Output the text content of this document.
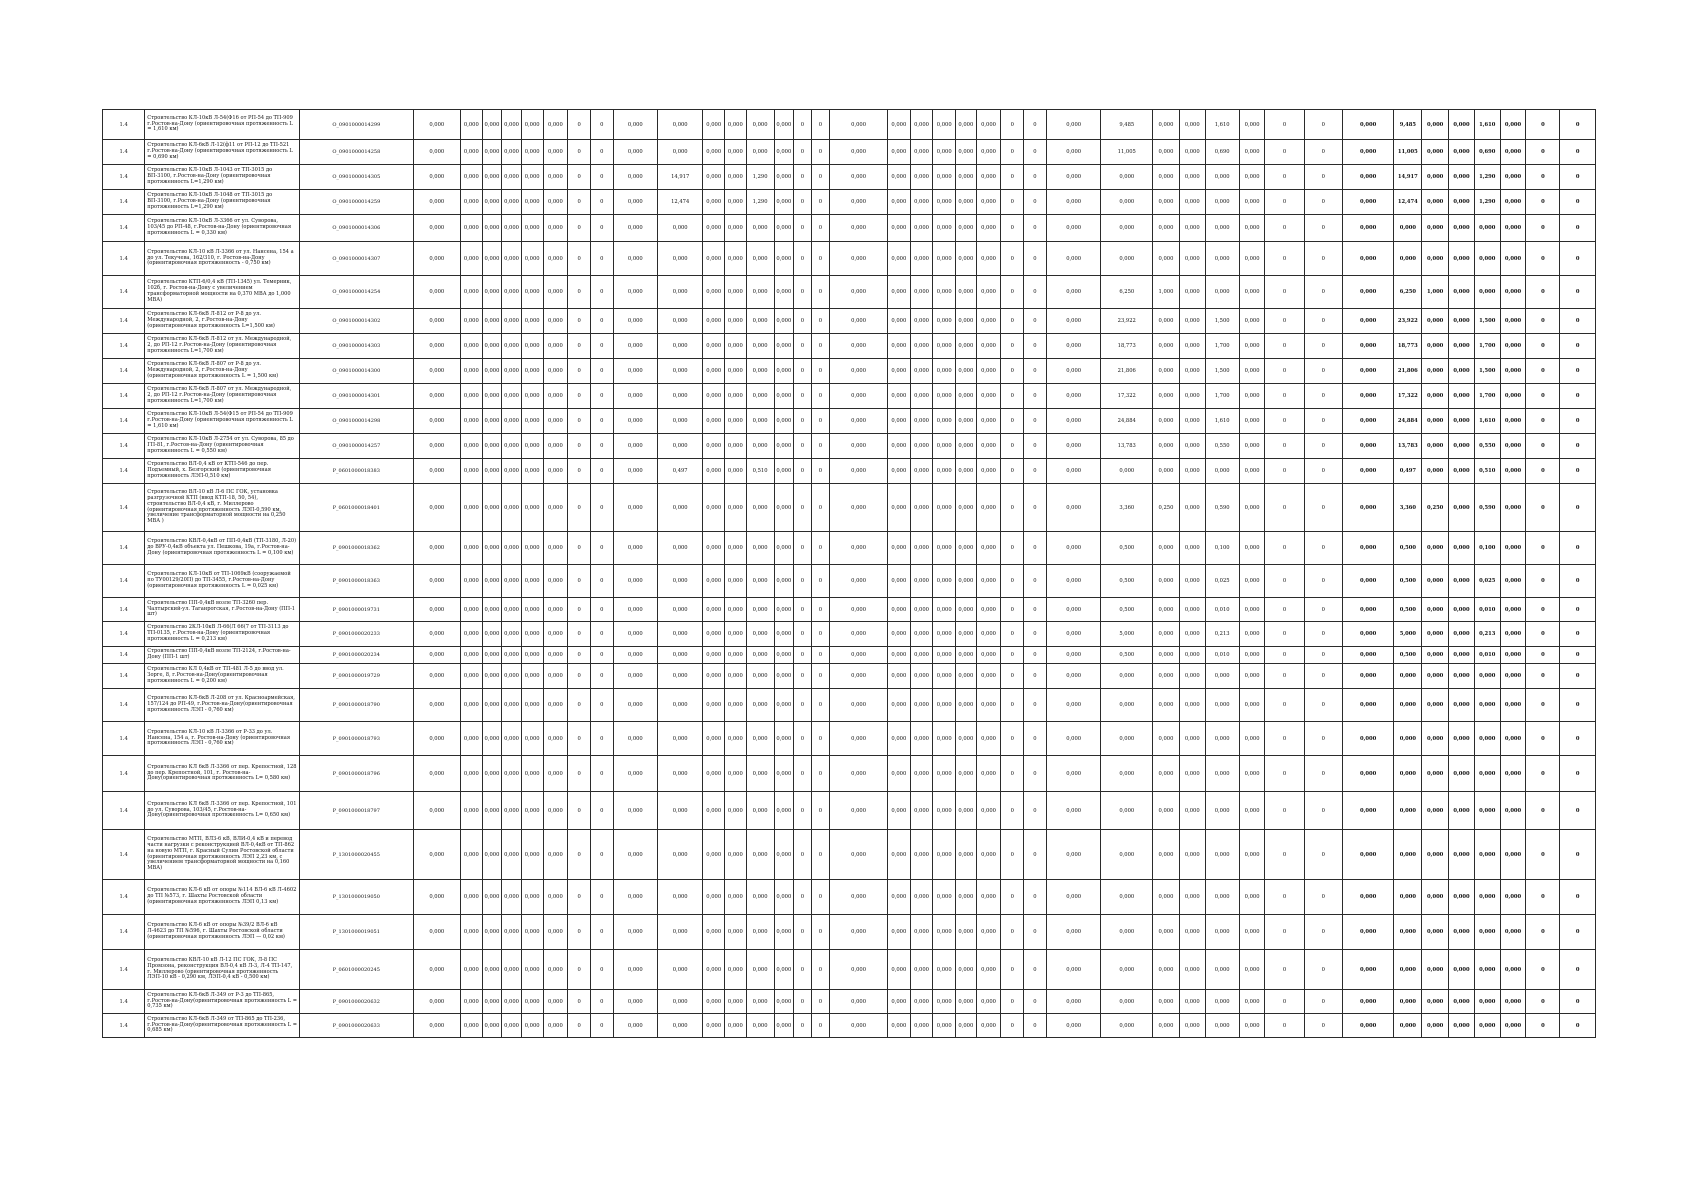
1.4	Строительство КЛ-10кВ Л-54(Ф16 от РП-54 до ТП-909 г.Ростов-на-Дону (ориентировочная протяженность L = 1,610 км)	O_0901000014299	0,000	0,000	0,000	0,000	0,000	0,000	0	0	0,000	0,000	0,000	0,000	0,000	0,000	0	0	0,000	0,000	0,000	0,000	0,000	0,000	0	0	0,000	9,485	0,000	0,000	1,610	0,000	0	0	0,000	9,485	0,000	0,000	1,610	0,000	0	0
1.4	Строительство КЛ-6кВ Л-12(ф11 от РП-12 до ТП-521 г.Ростов-на-Дону (ориентировочная протяженность L = 0,690 км)	O_0901000014258	0,000	0,000	0,000	0,000	0,000	0,000	0	0	0,000	0,000	0,000	0,000	0,000	0,000	0	0	0,000	0,000	0,000	0,000	0,000	0,000	0	0	0,000	11,005	0,000	0,000	0,690	0,000	0	0	0,000	11,005	0,000	0,000	0,690	0,000	0	0
1.4	Строительство КЛ-10кВ Л-1043 от ТП-3015 до ВП-3100, г.Ростов-на-Дону (ориентировочная протяженность L=1,290 км)	O_0901000014305	0,000	0,000	0,000	0,000	0,000	0,000	0	0	0,000	14,917	0,000	0,000	1,290	0,000	0	0	0,000	0,000	0,000	0,000	0,000	0,000	0	0	0,000	0,000	0,000	0,000	0,000	0,000	0	0	0,000	14,917	0,000	0,000	1,290	0,000	0	0
1.4	Строительство КЛ-10кВ Л-1048 от ТП-3015 до ВП-3100, г.Ростов-на-Дону (ориентировочная протяженность L=1,290 км)	O_0901000014259	0,000	0,000	0,000	0,000	0,000	0,000	0	0	0,000	12,474	0,000	0,000	1,290	0,000	0	0	0,000	0,000	0,000	0,000	0,000	0,000	0	0	0,000	0,000	0,000	0,000	0,000	0,000	0	0	0,000	12,474	0,000	0,000	1,290	0,000	0	0
1.4	Строительство КЛ-10кВ Л-3366 от ул. Суворова, 103/45 до РП-48, г.Ростов-на-Дону (ориентировочная протяженность L = 0,330 км)	O_0901000014306	0,000	0,000	0,000	0,000	0,000	0,000	0	0	0,000	0,000	0,000	0,000	0,000	0,000	0	0	0,000	0,000	0,000	0,000	0,000	0,000	0	0	0,000	0,000	0,000	0,000	0,000	0,000	0	0	0,000	0,000	0,000	0,000	0,000	0,000	0	0
1.4	Строительство КЛ-10 кВ Л-3366 от ул. Нансена, 154 а до ул. Текучева, 162/310, г. Ростов-на-Дону (ориентировочная протяженность - 0,750 км)	O_0901000014307	0,000	0,000	0,000	0,000	0,000	0,000	0	0	0,000	0,000	0,000	0,000	0,000	0,000	0	0	0,000	0,000	0,000	0,000	0,000	0,000	0	0	0,000	0,000	0,000	0,000	0,000	0,000	0	0	0,000	0,000	0,000	0,000	0,000	0,000	0	0
1.4	Строительство КТП-6/0,4 кВ (ТП-1345) ул. Темерник, 102б, г. Ростов-на-Дону с увеличением трансформаторной мощности на 0,370 МВА до 1,000 МВА)	O_0901000014254	0,000	0,000	0,000	0,000	0,000	0,000	0	0	0,000	0,000	0,000	0,000	0,000	0,000	0	0	0,000	0,000	0,000	0,000	0,000	0,000	0	0	0,000	6,250	1,000	0,000	0,000	0,000	0	0	0,000	6,250	1,000	0,000	0,000	0,000	0	0
1.4	Строительство КЛ-6кВ Л-812 от Р-8 до ул. Международной, 2, г.Ростов-на-Дону (ориентировочная протяженность L=1,500 км)	O_0901000014302	0,000	0,000	0,000	0,000	0,000	0,000	0	0	0,000	0,000	0,000	0,000	0,000	0,000	0	0	0,000	0,000	0,000	0,000	0,000	0,000	0	0	0,000	23,922	0,000	0,000	1,500	0,000	0	0	0,000	23,922	0,000	0,000	1,500	0,000	0	0
1.4	Строительство КЛ-6кВ Л-812 от ул. Международной, 2, до РП-12 г.Ростов-на-Дону (ориентировочная протяженность L=1,700 км)	O_0901000014303	0,000	0,000	0,000	0,000	0,000	0,000	0	0	0,000	0,000	0,000	0,000	0,000	0,000	0	0	0,000	0,000	0,000	0,000	0,000	0,000	0	0	0,000	18,773	0,000	0,000	1,700	0,000	0	0	0,000	18,773	0,000	0,000	1,700	0,000	0	0
1.4	Строительство КЛ-6кВ Л-807 от Р-8 до ул. Международной, 2, г.Ростов-на-Дону (ориентировочная протяженность L = 1,500 км)	O_0901000014300	0,000	0,000	0,000	0,000	0,000	0,000	0	0	0,000	0,000	0,000	0,000	0,000	0,000	0	0	0,000	0,000	0,000	0,000	0,000	0,000	0	0	0,000	21,806	0,000	0,000	1,500	0,000	0	0	0,000	21,806	0,000	0,000	1,500	0,000	0	0
1.4	Строительство КЛ-6кВ Л-807 от ул. Международной, 2, до РП-12 г.Ростов-на-Дону (ориентировочная протяженность L=1,700 км)	O_0901000014301	0,000	0,000	0,000	0,000	0,000	0,000	0	0	0,000	0,000	0,000	0,000	0,000	0,000	0	0	0,000	0,000	0,000	0,000	0,000	0,000	0	0	0,000	17,322	0,000	0,000	1,700	0,000	0	0	0,000	17,322	0,000	0,000	1,700	0,000	0	0
1.4	Строительство КЛ-10кВ Л-54(Ф15 от РП-54 до ТП-909 г.Ростов-на-Дону (ориентировочная протяженность L = 1,610 км)	O_0901000014298	0,000	0,000	0,000	0,000	0,000	0,000	0	0	0,000	0,000	0,000	0,000	0,000	0,000	0	0	0,000	0,000	0,000	0,000	0,000	0,000	0	0	0,000	24,884	0,000	0,000	1,610	0,000	0	0	0,000	24,884	0,000	0,000	1,610	0,000	0	0
1.4	Строительство КЛ-10кВ Л-2754 от ул. Суворова, 85 до ГП-81, г.Ростов-на-Дону (ориентировочная протяженность L = 0,550 км)	O_0901000014257	0,000	0,000	0,000	0,000	0,000	0,000	0	0	0,000	0,000	0,000	0,000	0,000	0,000	0	0	0,000	0,000	0,000	0,000	0,000	0,000	0	0	0,000	13,783	0,000	0,000	0,550	0,000	0	0	0,000	13,783	0,000	0,000	0,550	0,000	0	0
1.4	Строительство ВЛ-0,4 кВ от КТП-546 до пер. Подъемный, х. Безгорский (ориентировочная протяженность ЛЭП-0,510 км)	P_0601000018383	0,000	0,000	0,000	0,000	0,000	0,000	0	0	0,000	0,497	0,000	0,000	0,510	0,000	0	0	0,000	0,000	0,000	0,000	0,000	0,000	0	0	0,000	0,000	0,000	0,000	0,000	0,000	0	0	0,000	0,497	0,000	0,000	0,510	0,000	0	0
1.4	Строительство ВЛ-10 кВ Л-6 ПС ГОК, установка разгрузочной КТП (ввод КТП-18, 50, 54), строительство ВЛ-0,4 кВ, г. Миллерово (ориентировочная протяженность ЛЭП-0,590 км, увеличение трансформаторной мощности на 0,250 МВА )	P_0601000018401	0,000	0,000	0,000	0,000	0,000	0,000	0	0	0,000	0,000	0,000	0,000	0,000	0,000	0	0	0,000	0,000	0,000	0,000	0,000	0,000	0	0	0,000	3,360	0,250	0,000	0,590	0,000	0	0	0,000	3,360	0,250	0,000	0,590	0,000	0	0
1.4	Строительство КВЛ-0,4кВ от ПП-0,4кВ (ТП-3180, Л-20) до ВРУ-0,4кВ объекта ул. Пешкова, 19а, г.Ростов-на-Дону (ориентировочная протяженность L = 0,100 км)	P_0901000018362	0,000	0,000	0,000	0,000	0,000	0,000	0	0	0,000	0,000	0,000	0,000	0,000	0,000	0	0	0,000	0,000	0,000	0,000	0,000	0,000	0	0	0,000	0,500	0,000	0,000	0,100	0,000	0	0	0,000	0,500	0,000	0,000	0,100	0,000	0	0
1.4	Строительство КЛ-10кВ от ТП-1069кВ (сооружаемой по ТУ00129/20П) до ТП-3455, г.Ростов-на-Дону (ориентировочная протяженность L = 0,025 км)	P_0901000018363	0,000	0,000	0,000	0,000	0,000	0,000	0	0	0,000	0,000	0,000	0,000	0,000	0,000	0	0	0,000	0,000	0,000	0,000	0,000	0,000	0	0	0,000	0,500	0,000	0,000	0,025	0,000	0	0	0,000	0,500	0,000	0,000	0,025	0,000	0	0
1.4	Строительство ПП-0,4кВ возле ТП-3260 пер. Чалтырский-ул. Таганрогская, г.Ростов-на-Дону (ПП-1 шт)	P_0901000019731	0,000	0,000	0,000	0,000	0,000	0,000	0	0	0,000	0,000	0,000	0,000	0,000	0,000	0	0	0,000	0,000	0,000	0,000	0,000	0,000	0	0	0,000	0,500	0,000	0,000	0,010	0,000	0	0	0,000	0,500	0,000	0,000	0,010	0,000	0	0
1.4	Строительство 2КЛ-10кВ Л-66(Л 66(7 от ТП-3113 до ТП-0135, г.Ростов-на-Дону (ориентировочная протяженность L = 0,213 км)	P_0901000020233	0,000	0,000	0,000	0,000	0,000	0,000	0	0	0,000	0,000	0,000	0,000	0,000	0,000	0	0	0,000	0,000	0,000	0,000	0,000	0,000	0	0	0,000	5,000	0,000	0,000	0,213	0,000	0	0	0,000	5,000	0,000	0,000	0,213	0,000	0	0
1.4	Строительство ПП-0,4кВ возле ТП-2124, г.Ростов-на-Дону (ПП-1 шт)	P_0901000020234	0,000	0,000	0,000	0,000	0,000	0,000	0	0	0,000	0,000	0,000	0,000	0,000	0,000	0	0	0,000	0,000	0,000	0,000	0,000	0,000	0	0	0,000	0,500	0,000	0,000	0,010	0,000	0	0	0,000	0,500	0,000	0,000	0,010	0,000	0	0
1.4	Строительство КЛ 0,4кВ от ТП-481 Л-5 до ввод ул. Зорге, 8, г.Ростов-на-Дону(ориентировочная протяженность L = 0,200 км)	P_0901000019729	0,000	0,000	0,000	0,000	0,000	0,000	0	0	0,000	0,000	0,000	0,000	0,000	0,000	0	0	0,000	0,000	0,000	0,000	0,000	0,000	0	0	0,000	0,000	0,000	0,000	0,000	0,000	0	0	0,000	0,000	0,000	0,000	0,000	0,000	0	0
1.4	Строительство КЛ-6кВ Л-208 от ул. Красноармейская, 157/124 до РП-49, г.Ростов-на-Дону(ориентировочная протяженность ЛЭП - 0,760 км)	P_0901000018790	0,000	0,000	0,000	0,000	0,000	0,000	0	0	0,000	0,000	0,000	0,000	0,000	0,000	0	0	0,000	0,000	0,000	0,000	0,000	0,000	0	0	0,000	0,000	0,000	0,000	0,000	0,000	0	0	0,000	0,000	0,000	0,000	0,000	0,000	0	0
1.4	Строительство КЛ-10 кВ Л-3366 от Р-33 до ул. Нансена, 154 а, г. Ростов-на-Дону (ориентировочная протяженность ЛЭП - 0,760 км)	P_0901000018793	0,000	0,000	0,000	0,000	0,000	0,000	0	0	0,000	0,000	0,000	0,000	0,000	0,000	0	0	0,000	0,000	0,000	0,000	0,000	0,000	0	0	0,000	0,000	0,000	0,000	0,000	0,000	0	0	0,000	0,000	0,000	0,000	0,000	0,000	0	0
1.4	Строительство КЛ 6кВ Л-3366 от пер. Крепостной, 128 до пер. Крепостной, 101, г. Ростов-на-Дону(ориентировочная протяженность L= 0,580 км)	P_0901000018796	0,000	0,000	0,000	0,000	0,000	0,000	0	0	0,000	0,000	0,000	0,000	0,000	0,000	0	0	0,000	0,000	0,000	0,000	0,000	0,000	0	0	0,000	0,000	0,000	0,000	0,000	0,000	0	0	0,000	0,000	0,000	0,000	0,000	0,000	0	0
1.4	Строительство КЛ 6кВ Л-3366 от пер. Крепостной, 101 до ул. Суворова, 103/45, г.Ростов-на-Дону(ориентировочная протяженность L= 0,650 км)	P_0901000018797	0,000	0,000	0,000	0,000	0,000	0,000	0	0	0,000	0,000	0,000	0,000	0,000	0,000	0	0	0,000	0,000	0,000	0,000	0,000	0,000	0	0	0,000	0,000	0,000	0,000	0,000	0,000	0	0	0,000	0,000	0,000	0,000	0,000	0,000	0	0
1.4	Строительство МТП, ВЛЗ-6 кВ, ВЛИ-0,4 кВ и перевод части нагрузки с реконструкцией ВЛ-0,4кВ от ТП-862 на новую МТП, г. Красный Сулин Ростовской области (ориентировочная протяженность ЛЭП 2,23 км, с увеличением трансформаторной мощности на 0,160 МВА)	P_1301000020455	0,000	0,000	0,000	0,000	0,000	0,000	0	0	0,000	0,000	0,000	0,000	0,000	0,000	0	0	0,000	0,000	0,000	0,000	0,000	0,000	0	0	0,000	0,000	0,000	0,000	0,000	0,000	0	0	0,000	0,000	0,000	0,000	0,000	0,000	0	0
1.4	Строительство КЛ-6 кВ от опоры №114 ВЛ-6 кВ Л-4602 до ТП №573, г. Шахты Ростовской области (ориентировочная протяженность ЛЭП 0,13 км)	P_1301000019050	0,000	0,000	0,000	0,000	0,000	0,000	0	0	0,000	0,000	0,000	0,000	0,000	0,000	0	0	0,000	0,000	0,000	0,000	0,000	0,000	0	0	0,000	0,000	0,000	0,000	0,000	0,000	0	0	0,000	0,000	0,000	0,000	0,000	0,000	0	0
1.4	Строительство КЛ-6 кВ от опоры №39/2 ВЛ-6 кВ Л-4623 до ТП №596, г. Шахты Ростовской области (ориентировочная протяженность ЛЭП — 0,02 км)	P_1301000019051	0,000	0,000	0,000	0,000	0,000	0,000	0	0	0,000	0,000	0,000	0,000	0,000	0,000	0	0	0,000	0,000	0,000	0,000	0,000	0,000	0	0	0,000	0,000	0,000	0,000	0,000	0,000	0	0	0,000	0,000	0,000	0,000	0,000	0,000	0	0
1.4	Строительство КВЛ-10 кВ Л-12 ПС ГОК, Л-8 ПС Промзона, реконструкция ВЛ-0,4 кВ Л-3, Л-4 ТП-147, г. Миллерово (ориентировочная протяженность ЛЭП-10 кВ - 0,290 км, ЛЭП-0,4 кВ - 0,500 км)	P_0601000020245	0,000	0,000	0,000	0,000	0,000	0,000	0	0	0,000	0,000	0,000	0,000	0,000	0,000	0	0	0,000	0,000	0,000	0,000	0,000	0,000	0	0	0,000	0,000	0,000	0,000	0,000	0,000	0	0	0,000	0,000	0,000	0,000	0,000	0,000	0	0
1.4	Строительство КЛ-6кВ Л-349 от Р-3 до ТП-865, г.Ростов-на-Дону(ориентировочная протяженность L = 0,735 км)	P_0901000020632	0,000	0,000	0,000	0,000	0,000	0,000	0	0	0,000	0,000	0,000	0,000	0,000	0,000	0	0	0,000	0,000	0,000	0,000	0,000	0,000	0	0	0,000	0,000	0,000	0,000	0,000	0,000	0	0	0,000	0,000	0,000	0,000	0,000	0,000	0	0
1.4	Строительство КЛ-6кВ Л-349 от ТП-865 до ТП-236, г.Ростов-на-Дону(ориентировочная протяженность L = 0,685 км)	P_0901000020633	0,000	0,000	0,000	0,000	0,000	0,000	0	0	0,000	0,000	0,000	0,000	0,000	0,000	0	0	0,000	0,000	0,000	0,000	0,000	0,000	0	0	0,000	0,000	0,000	0,000	0,000	0,000	0	0	0,000	0,000	0,000	0,000	0,000	0,000	0	0
